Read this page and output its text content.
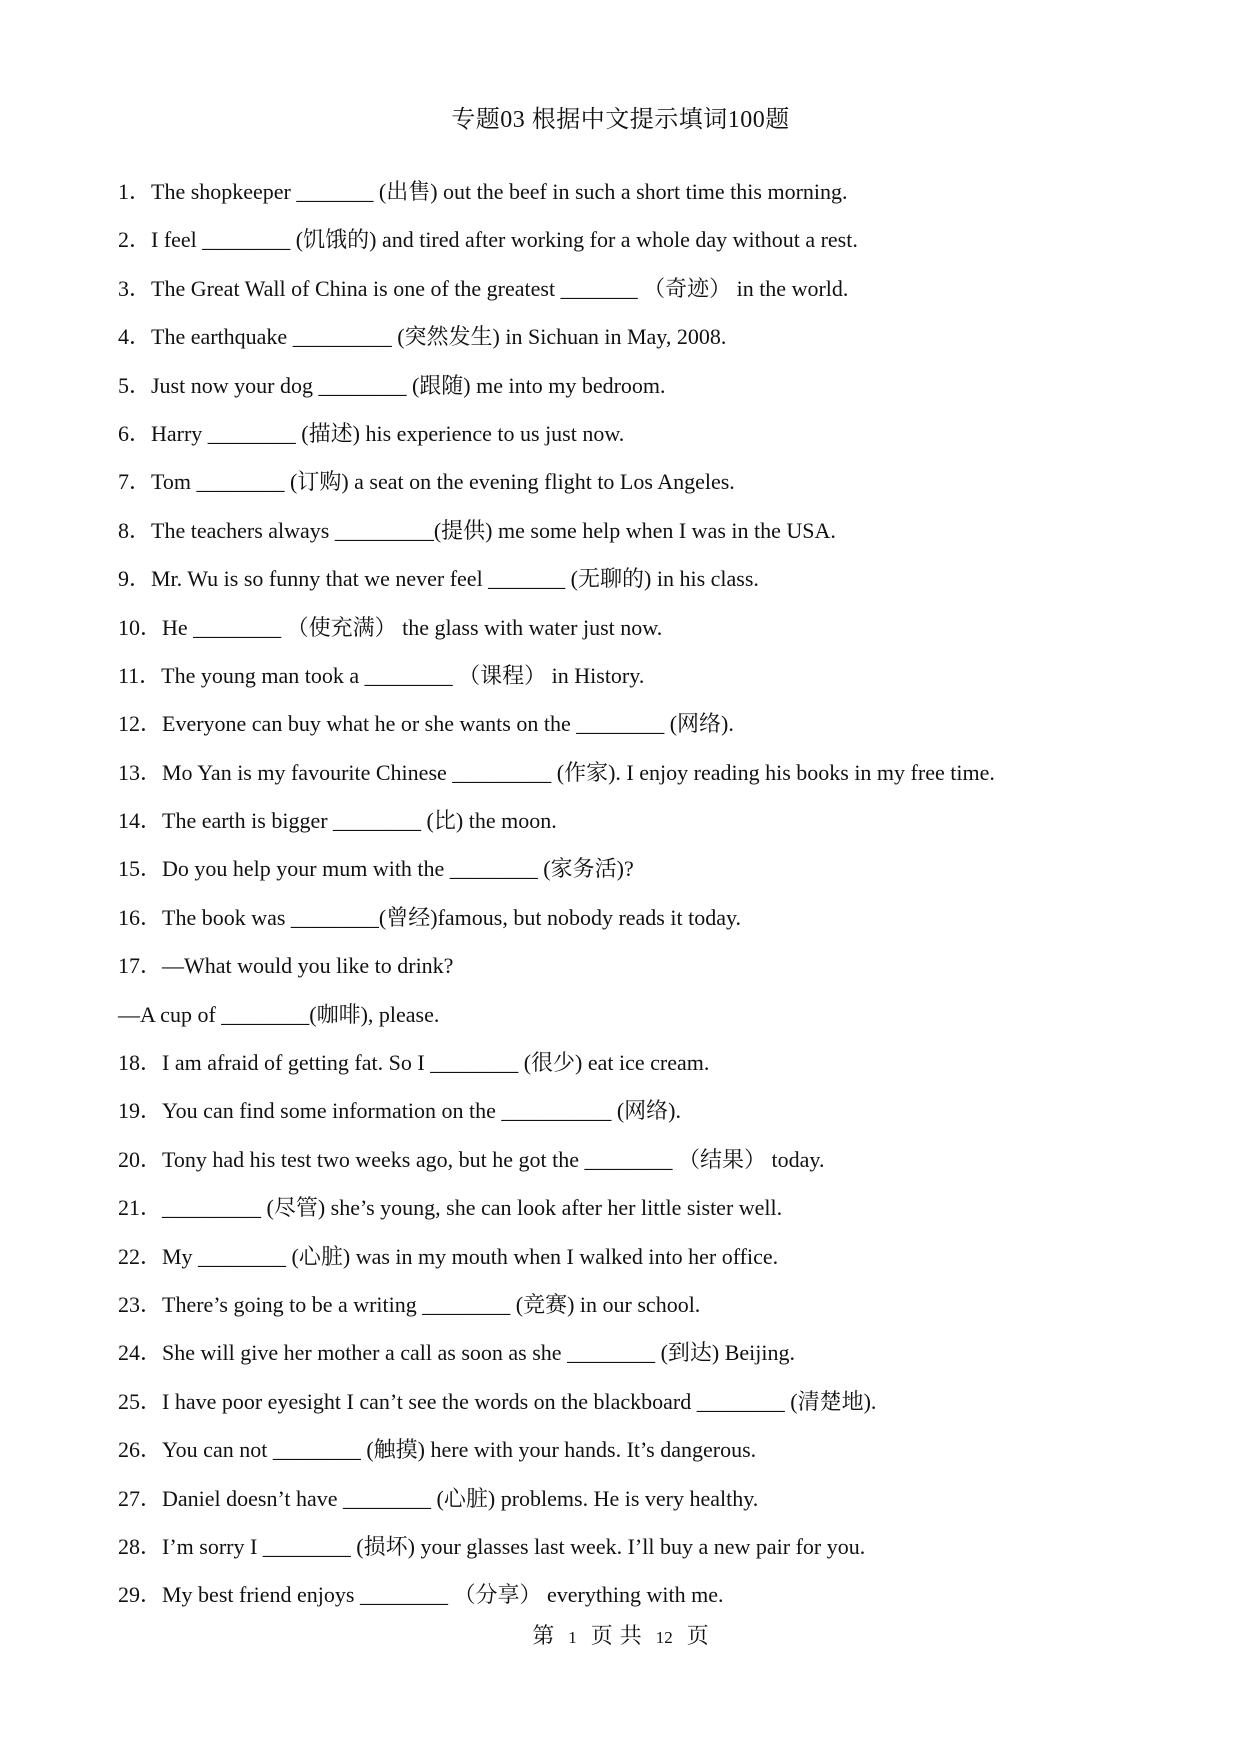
专题03 根据中文提示填词100题
1．The shopkeeper _______ (出售) out the beef in such a short time this morning.
2．I feel ________ (饥饿的) and tired after working for a whole day without a rest.
3．The Great Wall of China is one of the greatest _______ （奇迹） in the world.
4．The earthquake _________ (突然发生) in Sichuan in May, 2008.
5．Just now your dog ________ (跟随) me into my bedroom.
6．Harry ________ (描述) his experience to us just now.
7．Tom ________ (订购) a seat on the evening flight to Los Angeles.
8．The teachers always _________(提供) me some help when I was in the USA.
9．Mr. Wu is so funny that we never feel _______ (无聊的) in his class.
10．He ________ （使充满） the glass with water just now.
11．The young man took a ________ （课程） in History.
12．Everyone can buy what he or she wants on the ________ (网络).
13．Mo Yan is my favourite Chinese _________ (作家). I enjoy reading his books in my free time.
14．The earth is bigger ________ (比) the moon.
15．Do you help your mum with the ________ (家务活)?
16．The book was ________(曾经)famous, but nobody reads it today.
17．—What would you like to drink?
—A cup of ________(咖啡), please.
18．I am afraid of getting fat. So I ________ (很少) eat ice cream.
19．You can find some information on the __________ (网络).
20．Tony had his test two weeks ago, but he got the ________ （结果） today.
21．_________ (尽管) she’s young, she can look after her little sister well.
22．My ________ (心脏) was in my mouth when I walked into her office.
23．There’s going to be a writing ________ (竞赛) in our school.
24．She will give her mother a call as soon as she ________ (到达) Beijing.
25．I have poor eyesight I can’t see the words on the blackboard ________ (清楚地).
26．You can not ________ (触摸) here with your hands. It’s dangerous.
27．Daniel doesn’t have ________ (心脏) problems. He is very healthy.
28．I’m sorry I ________ (损坏) your glasses last week. I’ll buy a new pair for you.
29．My best friend enjoys ________ （分享） everything with me.
第 1 页 共 12 页
